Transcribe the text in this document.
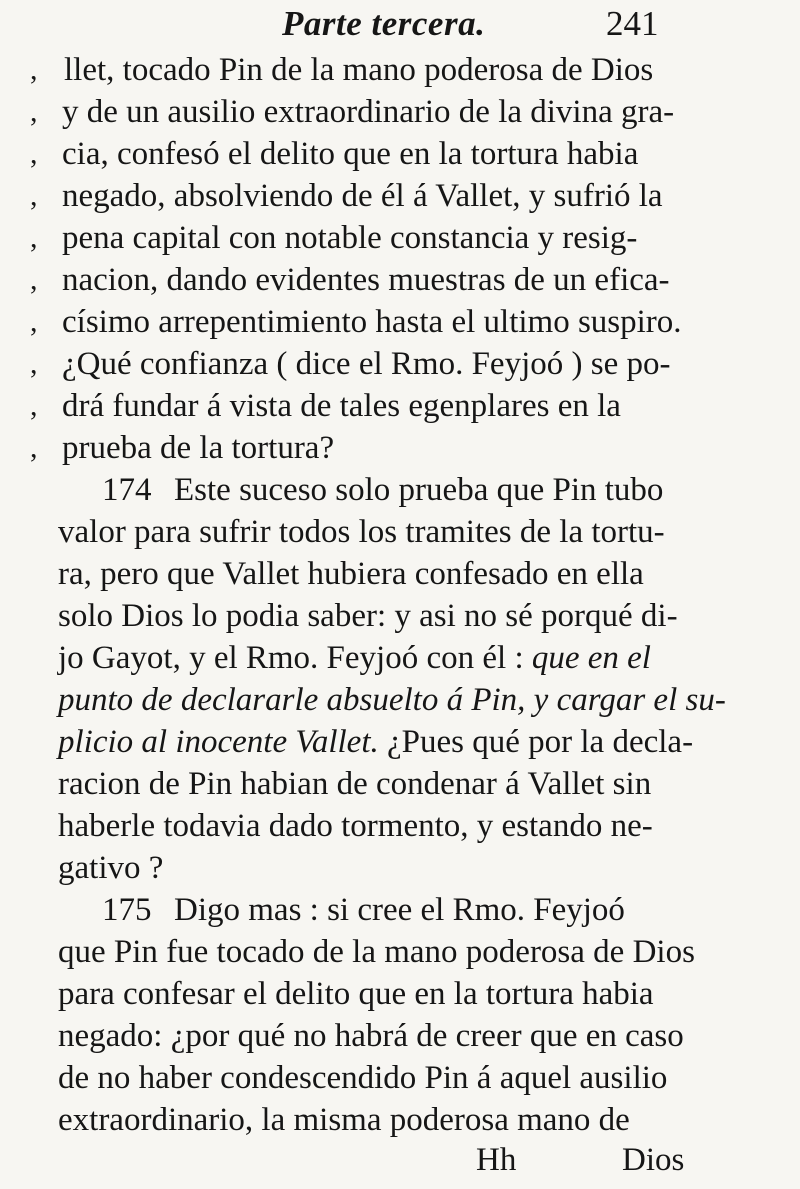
Parte tercera.	241
, llet, tocado Pin de la mano poderosa de Dios
, y de un ausilio extraordinario de la divina gra-
, cia, confesó el delito que en la tortura habia
, negado, absolviendo de él á Vallet, y sufrió la
, pena capital con notable constancia y resig-
, nacion, dando evidentes muestras de un efica-
, císimo arrepentimiento hasta el ultimo suspiro.
, ¿Qué confianza ( dice el Rmo. Feyjoó ) se po-
, drá fundar á vista de tales egenplares en la
, prueba de la tortura?
174 Este suceso solo prueba que Pin tubo
valor para sufrir todos los tramites de la tortu-
ra, pero que Vallet hubiera confesado en ella
solo Dios lo podia saber: y asi no sé porqué di-
jo Gayot, y el Rmo. Feyjoó con él : que en el
punto de declararle absuelto á Pin, y cargar el su-
plicio al inocente Vallet. ¿Pues qué por la decla-
racion de Pin habian de condenar á Vallet sin
haberle todavia dado tormento, y estando ne-
gativo ?
175 Digo mas : si cree el Rmo. Feyjoó
que Pin fue tocado de la mano poderosa de Dios
para confesar el delito que en la tortura habia
negado: ¿por qué no habrá de creer que en caso
de no haber condescendido Pin á aquel ausilio
extraordinario, la misma poderosa mano de
Hh	Dios
